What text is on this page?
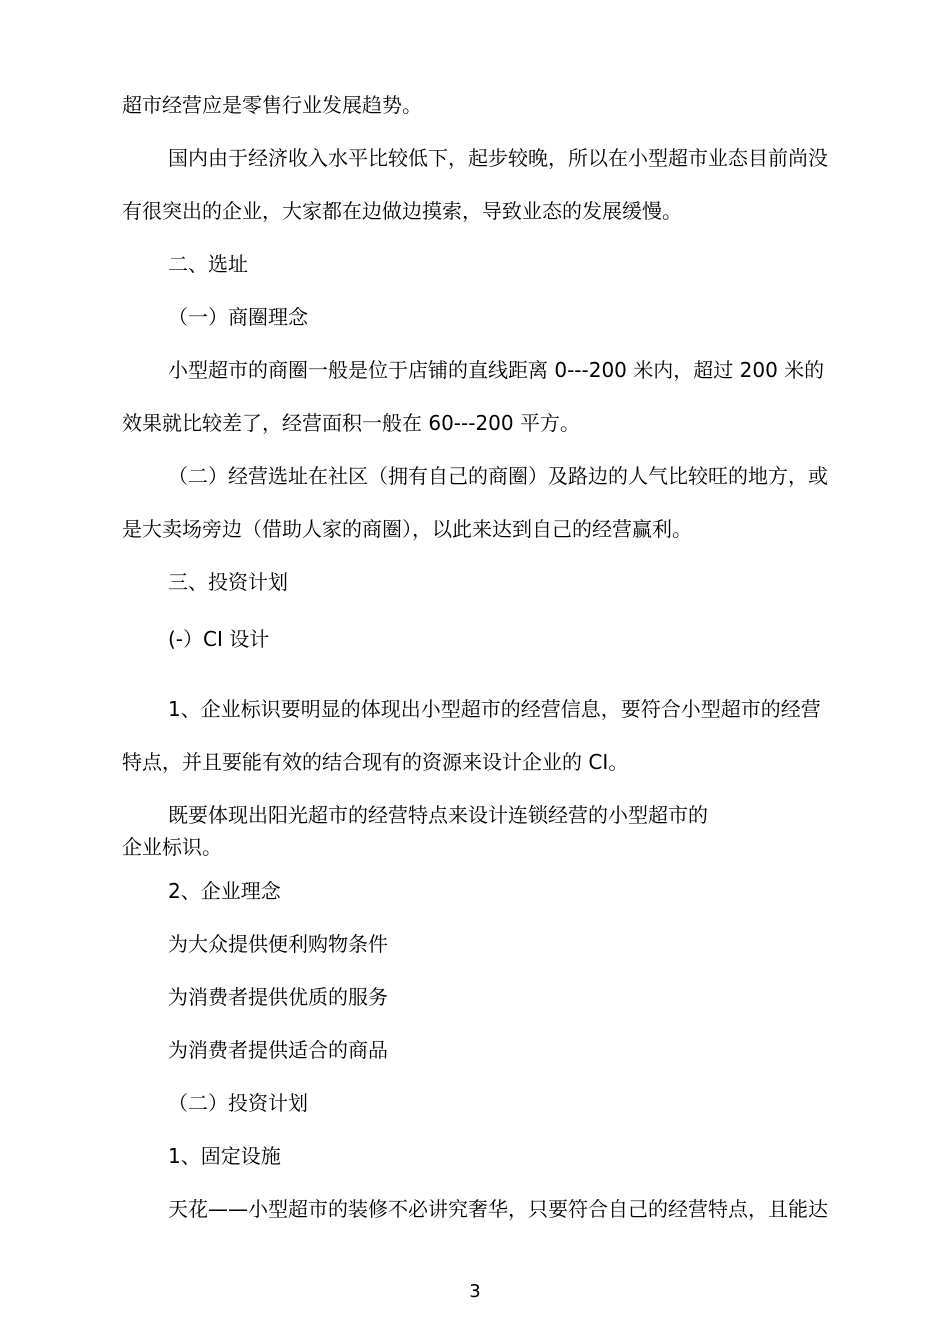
超市经营应是零售行业发展趋势。
国内由于经济收入水平比较低下，起步较晚，所以在小型超市业态目前尚没
有很突出的企业，大家都在边做边摸索，导致业态的发展缓慢。
二、选址
（一）商圈理念
小型超市的商圈一般是位于店铺的直线距离 0---200 米内，超过 200 米的
效果就比较差了，经营面积一般在 60---200 平方。
（二）经营选址在社区（拥有自己的商圈）及路边的人气比较旺的地方，或
是大卖场旁边（借助人家的商圈），以此来达到自己的经营赢利。
三、投资计划
(-）CI 设计
1、企业标识要明显的体现出小型超市的经营信息，要符合小型超市的经营
特点，并且要能有效的结合现有的资源来设计企业的 CI。
既要体现出阳光超市的经营特点来设计连锁经营的小型超市的
企业标识。
2、企业理念
为大众提供便利购物条件
为消费者提供优质的服务
为消费者提供适合的商品
（二）投资计划
1、固定设施
天花——小型超市的装修不必讲究奢华，只要符合自己的经营特点，且能达
3
